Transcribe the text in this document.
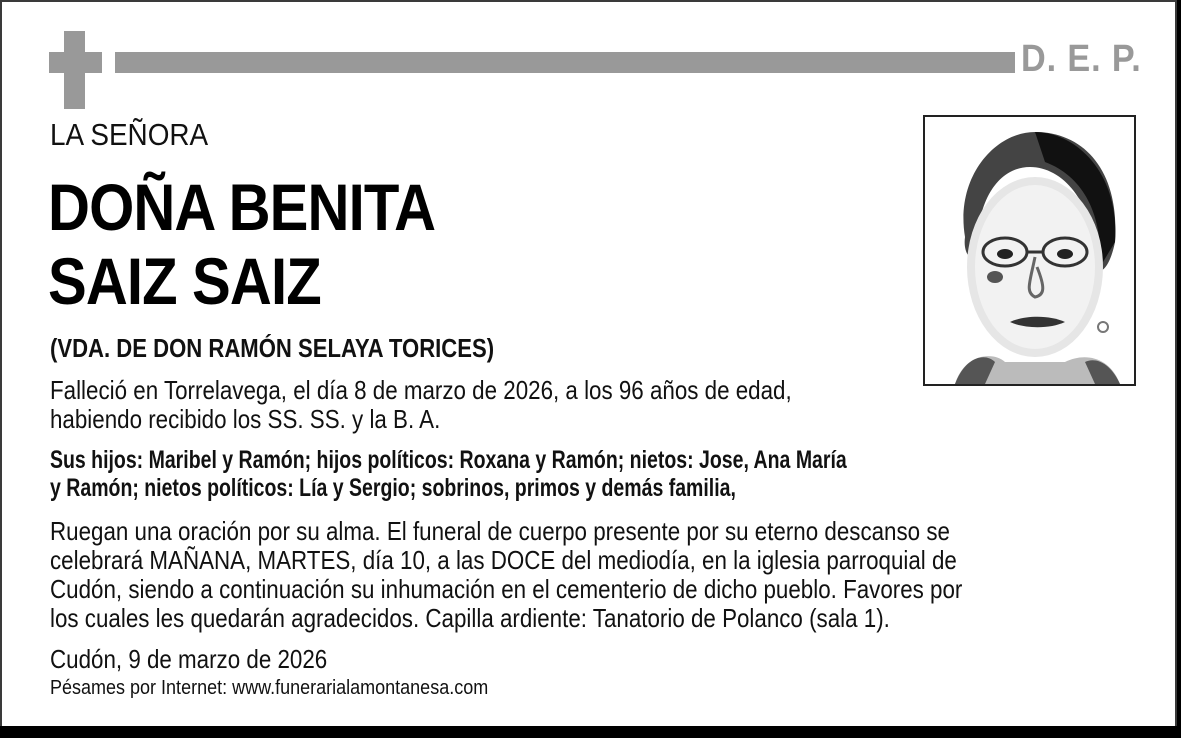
D. E. P.
LA SEÑORA
DOÑA BENITA
SAIZ SAIZ
(VDA. DE DON RAMÓN SELAYA TORICES)
Falleció en Torrelavega, el día 8 de marzo de 2026, a los 96 años de edad,
habiendo recibido los SS. SS. y la B. A.
Sus hijos: Maribel y Ramón; hijos políticos: Roxana y Ramón; nietos: Jose, Ana María
y Ramón; nietos políticos: Lía y Sergio; sobrinos, primos y demás familia,
Ruegan una oración por su alma. El funeral de cuerpo presente por su eterno descanso se
celebrará MAÑANA, MARTES, día 10, a las DOCE del mediodía, en la iglesia parroquial de
Cudón, siendo a continuación su inhumación en el cementerio de dicho pueblo. Favores por
los cuales les quedarán agradecidos. Capilla ardiente: Tanatorio de Polanco (sala 1).
Cudón, 9 de marzo de 2026
Pésames por Internet: www.funerarialamontanesa.com
